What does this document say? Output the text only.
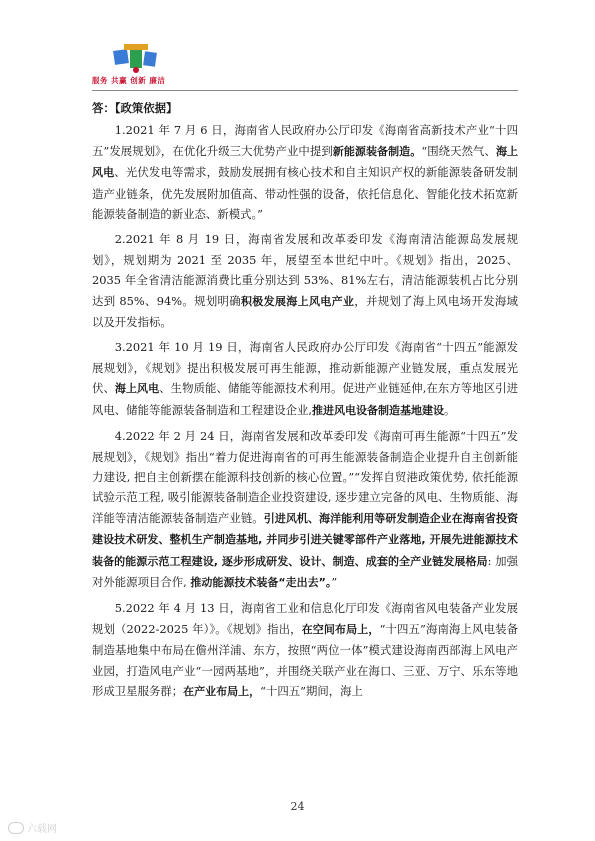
服务 共赢 创新 廉洁

答：【政策依据】

1.2021 年 7 月 6 日，海南省人民政府办公厅印发《海南省高新技术产业“十四五”发展规划》，在优化升级三大优势产业中提到新能源装备制造。“围绕天然气、海上风电、光伏发电等需求，鼓励发展拥有核心技术和自主知识产权的新能源装备研发制造产业链条，优先发展附加值高、带动性强的设备，依托信息化、智能化技术拓宽新能源装备制造的新业态、新模式。”

2.2021 年 8 月 19 日，海南省发展和改革委印发《海南清洁能源岛发展规划》，规划期为 2021 至 2035 年，展望至本世纪中叶。《规划》指出，2025、2035 年全省清洁能源消费比重分别达到 53%、81%左右，清洁能源装机占比分别达到 85%、94%。规划明确积极发展海上风电产业，并规划了海上风电场开发海域以及开发指标。

3.2021 年 10 月 19 日，海南省人民政府办公厅印发《海南省“十四五”能源发展规划》，《规划》提出积极发展可再生能源，推动新能源产业链发展，重点发展光伏、海上风电、生物质能、储能等能源技术利用。促进产业链延伸,在东方等地区引进风电、储能等能源装备制造和工程建设企业,推进风电设备制造基地建设。

4.2022 年 2 月 24 日，海南省发展和改革委印发《海南可再生能源“十四五”发展规划》，《规划》指出“着力促进海南省的可再生能源装备制造企业提升自主创新能力建设, 把自主创新摆在能源科技创新的核心位置。”“发挥自贸港政策优势, 依托能源试验示范工程, 吸引能源装备制造企业投资建设, 逐步建立完备的风电、生物质能、海洋能等清洁能源装备制造产业链。引进风机、海洋能利用等研发制造企业在海南省投资建设技术研发、整机生产制造基地, 并同步引进关键零部件产业落地, 开展先进能源技术装备的能源示范工程建设, 逐步形成研发、设计、制造、成套的全产业链发展格局: 加强对外能源项目合作, 推动能源技术装备“走出去”。”

5.2022 年 4 月 13 日，海南省工业和信息化厅印发《海南省风电装备产业发展规划（2022-2025 年）》。《规划》指出，在空间布局上，“十四五”海南海上风电装备制造基地集中布局在儋州洋浦、东方，按照“两位一体”模式建设海南西部海上风电产业园，打造风电产业“一园两基地”，并围绕关联产业在海口、三亚、万宁、乐东等地形成卫星服务群；在产业布局上，“十四五”期间，海上

24
六载网
